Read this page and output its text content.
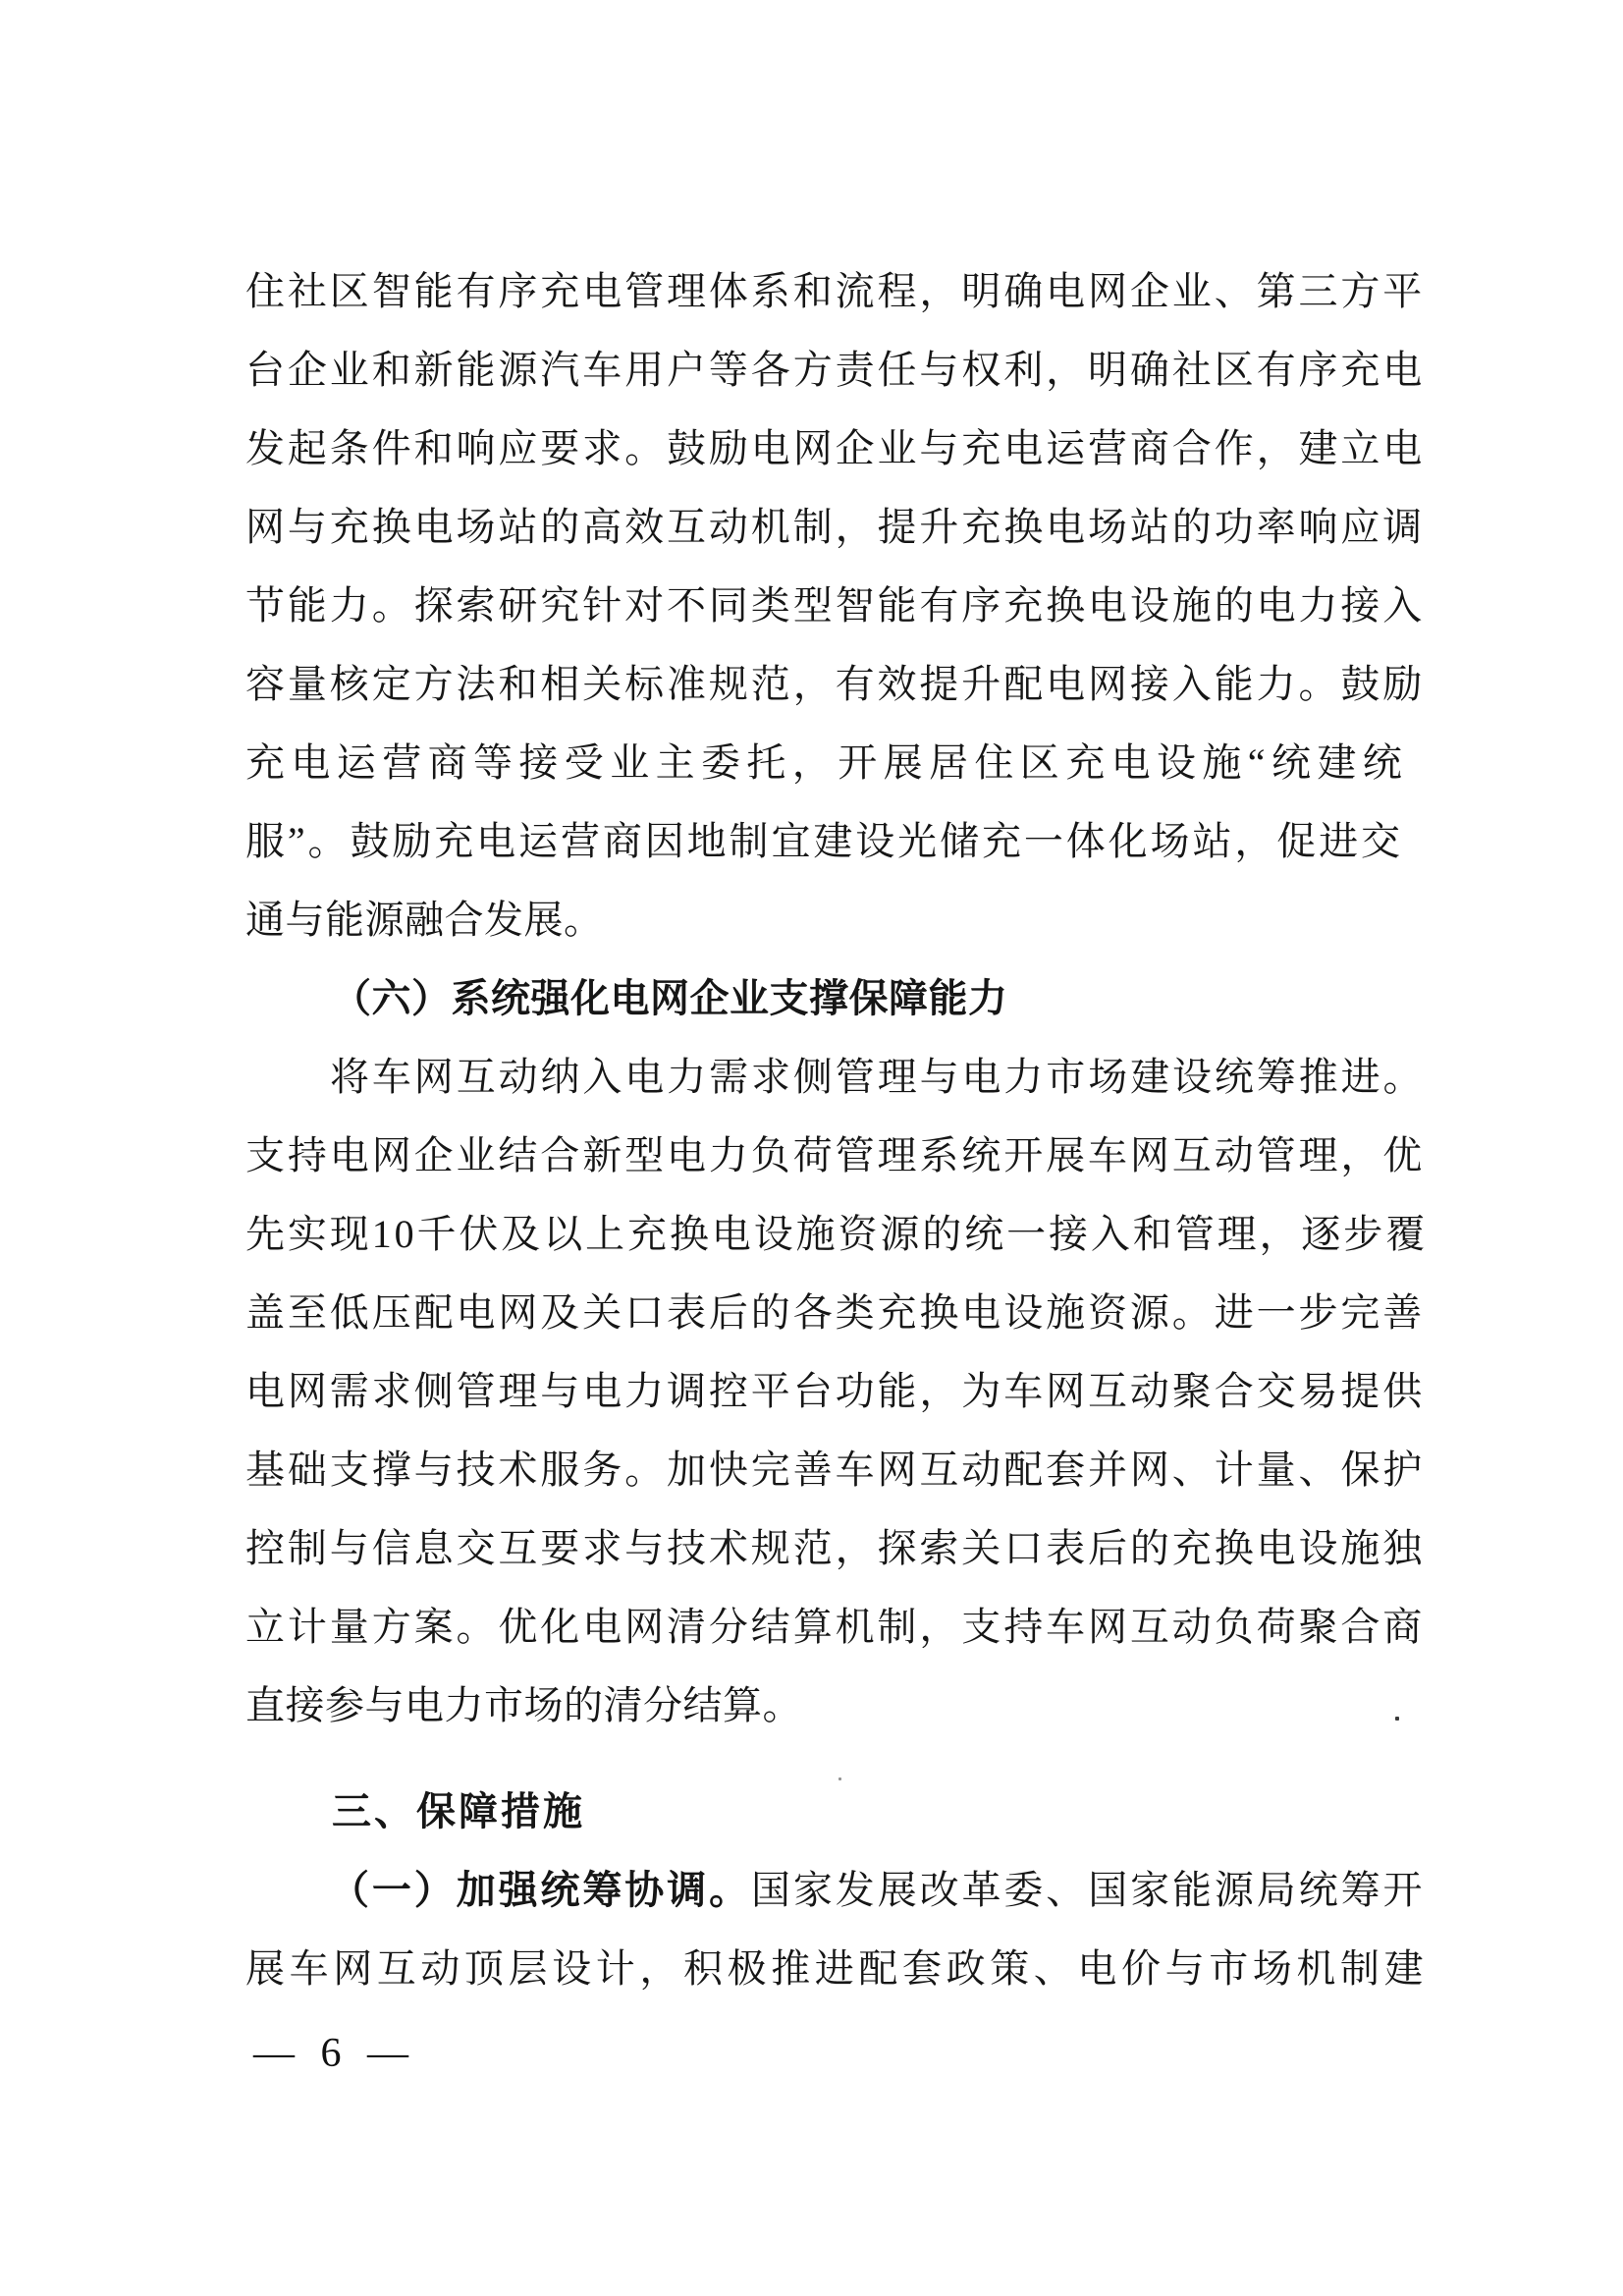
住社区智能有序充电管理体系和流程，明确电网企业、第三方平
台企业和新能源汽车用户等各方责任与权利，明确社区有序充电
发起条件和响应要求。鼓励电网企业与充电运营商合作，建立电
网与充换电场站的高效互动机制，提升充换电场站的功率响应调
节能力。探索研究针对不同类型智能有序充换电设施的电力接入
容量核定方法和相关标准规范，有效提升配电网接入能力。鼓励
充电运营商等接受业主委托，开展居住区充电设施“统建统
服”。鼓励充电运营商因地制宜建设光储充一体化场站，促进交
通与能源融合发展。
（六）系统强化电网企业支撑保障能力
将车网互动纳入电力需求侧管理与电力市场建设统筹推进。
支持电网企业结合新型电力负荷管理系统开展车网互动管理，优
先实现10千伏及以上充换电设施资源的统一接入和管理，逐步覆
盖至低压配电网及关口表后的各类充换电设施资源。进一步完善
电网需求侧管理与电力调控平台功能，为车网互动聚合交易提供
基础支撑与技术服务。加快完善车网互动配套并网、计量、保护
控制与信息交互要求与技术规范，探索关口表后的充换电设施独
立计量方案。优化电网清分结算机制，支持车网互动负荷聚合商
直接参与电力市场的清分结算。
三、保障措施
（一）加强统筹协调。国家发展改革委、国家能源局统筹开
展车网互动顶层设计，积极推进配套政策、电价与市场机制建
— 6 —
